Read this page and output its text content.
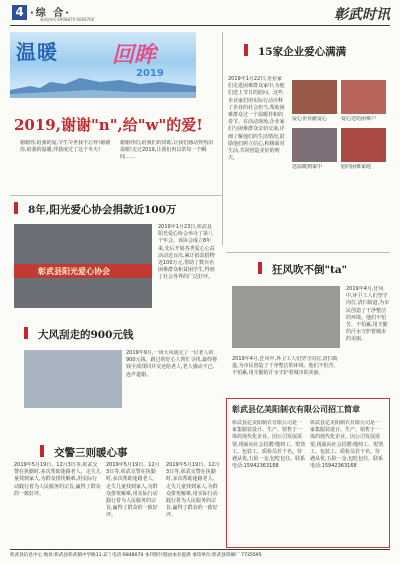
4 ·综 合·
新闻热线:6998870 6666760	彰武时讯
温暖 回眸
2019
2019,谢谢"n",给"w"的爱!
谢谢你,给我的爱,令生令世我不忘怀!谢谢你,给我的温暖,伴我度过了这个冬天!
谢谢你们,给我们的资助,让我们感动得热泪盈眶!走过2019,让我们再以常每一个瞬间……
15家企业爱心满满
2019年1月22日,企业家们走进困难群众家中,为他们送上节日的慰问。这些企业家们用实际行动诠释了企业的社会担当,帮助困难群众过一个温暖祥和的春节。在活动现场,企业家们与困难群众亲切交谈,详细了解他们的生活情况,鼓励他们树立信心,积极面对生活,共同创造美好的明天。
爱心企业献爱心	爱心送给困难户
送温暖到家中	慰问困难家庭
8年,阳光爱心协会捐款近100万
彰武县阳光爱心协会
2019年1月23日,彰武县阳光爱心协会举办了第八个年会。该协会成立8年来,先后开展各类爱心公益活动近百次,累计捐款捐物近100万元,帮助了数百名困难群众和贫困学生,得到了社会各界的广泛好评。
狂风吹不倒"ta"
2019年4月,狂风中,环卫工人们坚守岗位,清扫街道,为市民创造了干净整洁的环境。他们不怕苦、不怕累,用辛勤的汗水守护着城市的美丽。
2019年4月,狂风中,环卫工人们坚守岗位,清扫街道,为市民创造了干净整洁的环境。他们不怕苦、不怕累,用辛勤的汗水守护着城市的美丽。
大风刮走的900元钱
2019年9月,一场大风刮走了一位老人的900元钱。路过的好心人帮忙寻找,最终将钱全部找回并交还给老人,老人感动不已,连声道谢。
交警三则暖心事
2019年5月19日、12月3日等,彰武交警在执勤时,多次帮助迷路老人、走失儿童找到家人,为群众排忧解难,用实际行动践行着为人民服务的宗旨,赢得了群众的一致好评。
2019年5月19日、12月3日等,彰武交警在执勤时,多次帮助迷路老人、走失儿童找到家人,为群众排忧解难,用实际行动践行着为人民服务的宗旨,赢得了群众的一致好评。
2019年5月19日、12月3日等,彰武交警在执勤时,多次帮助迷路老人、走失儿童找到家人,为群众排忧解难,用实际行动践行着为人民服务的宗旨,赢得了群众的一致好评。
彰武县亿美阳制衣有限公司招工简章
彰武县亿美阳制衣有限公司是一家集服装设计、生产、销售于一体的现代化企业。因公司发展需要,现面向社会招聘:缝纫工、熨烫工、包装工、质检员若干名。待遇从优,五险一金,包吃包住。联系电话:15942363168
彰武县亿美阳制衣有限公司是一家集服装设计、生产、销售于一体的现代化企业。因公司发展需要,现面向社会招聘:缝纫工、熨烫工、包装工、质检员若干名。待遇从优,五险一金,包吃包住。联系电话:15942363168
彰武县信息中心 地址:彰武县彰武镇中学路11-2门 电话:6848070 本刊照片版由本社提供 承印单位:彰武县印刷厂 7735595
